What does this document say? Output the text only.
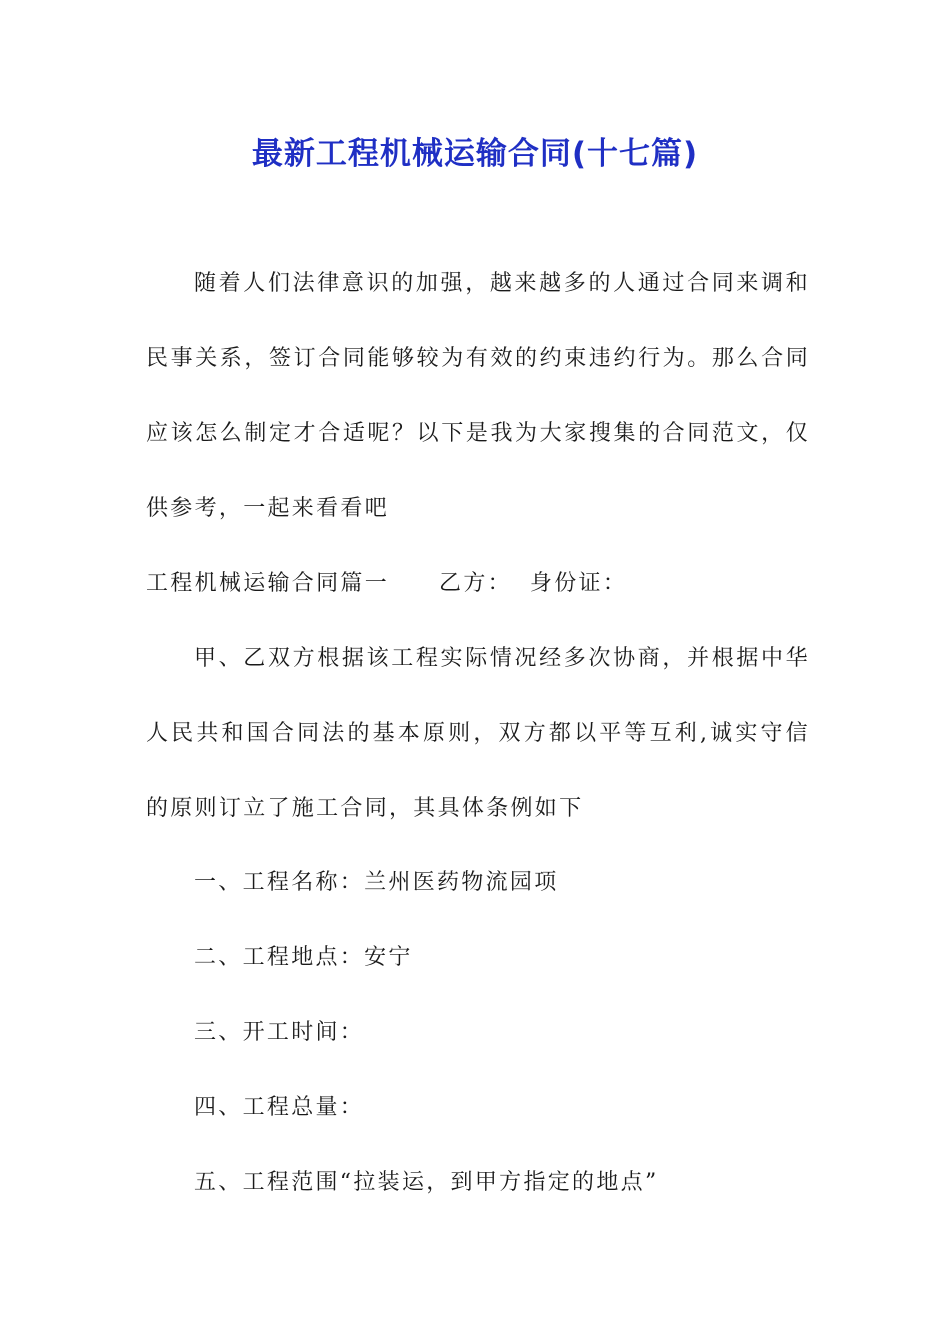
最新工程机械运输合同(十七篇)
随着人们法律意识的加强，越来越多的人通过合同来调和民事关系，签订合同能够较为有效的约束违约行为。那么合同应该怎么制定才合适呢？以下是我为大家搜集的合同范文，仅供参考，一起来看看吧
工程机械运输合同篇一 乙方： 身份证：
甲、乙双方根据该工程实际情况经多次协商，并根据中华人民共和国合同法的基本原则，双方都以平等互利,诚实守信的原则订立了施工合同，其具体条例如下
一、工程名称：兰州医药物流园项
二、工程地点：安宁
三、开工时间：
四、工程总量：
五、工程范围“拉装运，到甲方指定的地点”
